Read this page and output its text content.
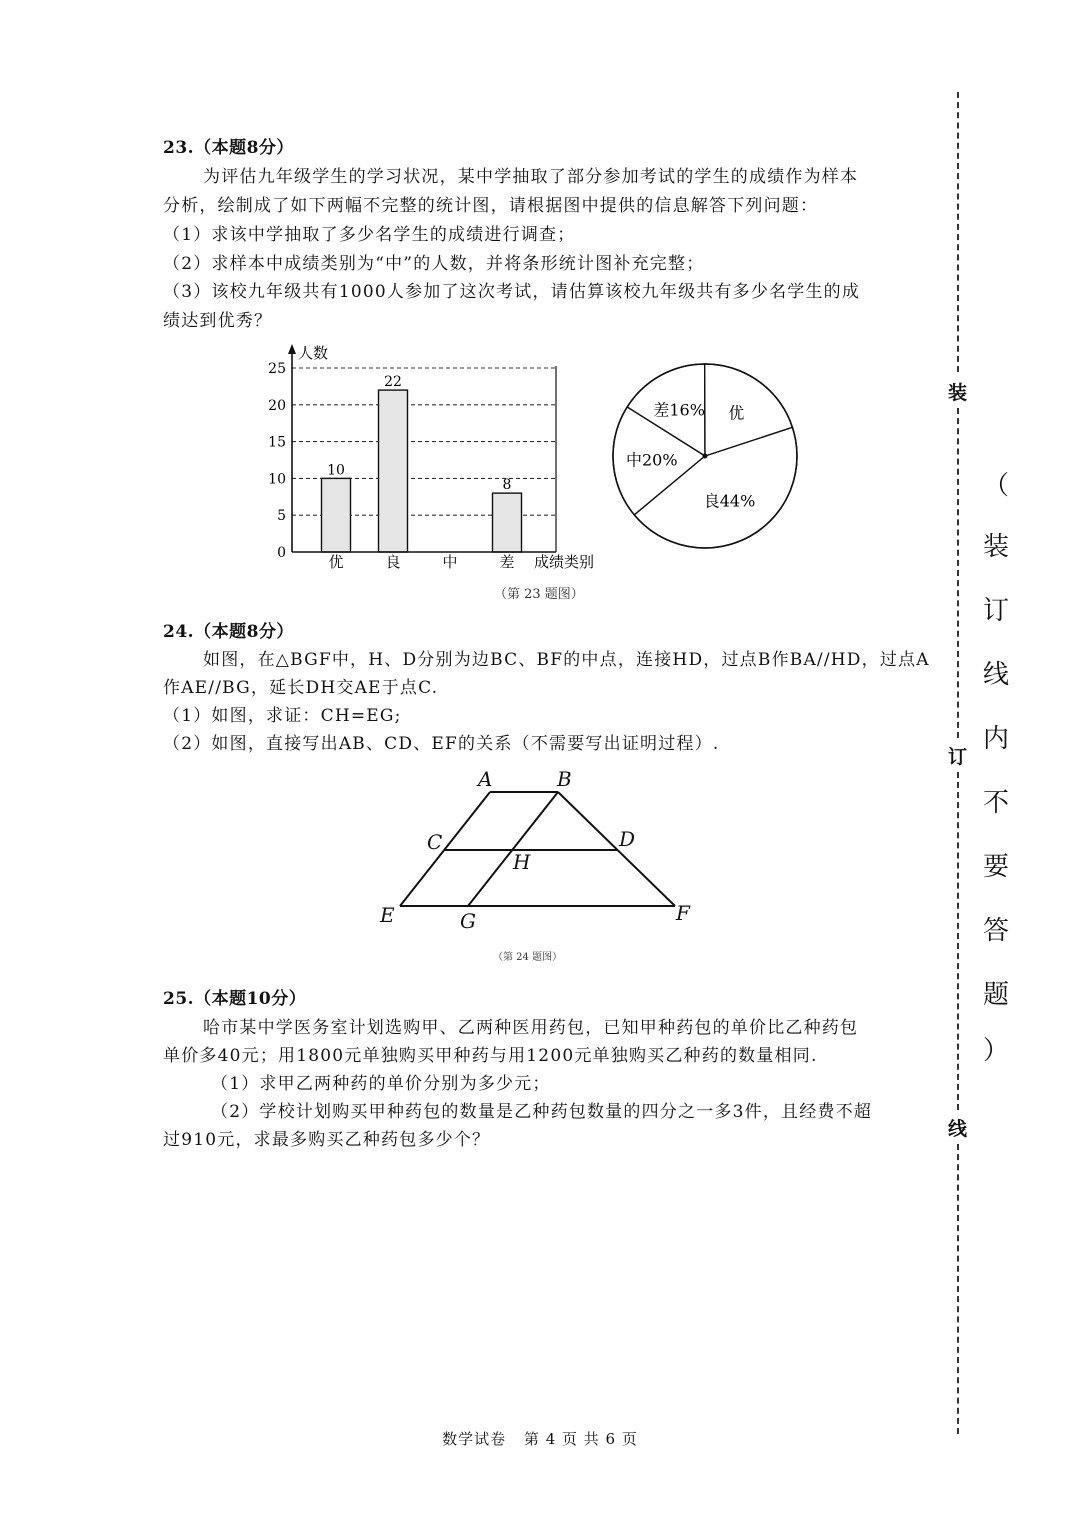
23.（本题8分）
为评估九年级学生的学习状况，某中学抽取了部分参加考试的学生的成绩作为样本
分析，绘制成了如下两幅不完整的统计图，请根据图中提供的信息解答下列问题：
（1）求该中学抽取了多少名学生的成绩进行调查；
（2）求样本中成绩类别为“中”的人数，并将条形统计图补充完整；
（3）该校九年级共有1000人参加了这次考试，请估算该校九年级共有多少名学生的成
绩达到优秀？
0
5
10
15
20
25
10
优
22
良	中
8
差
人数
成绩类别
差16%
中20%
良44%
优
（第 23 题图）
24.（本题8分）
如图，在△BGF中，H、D分别为边BC、BF的中点，连接HD，过点B作BA//HD，过点A
作AE//BG，延长DH交AE于点C.
（1）如图，求证：CH=EG;
（2）如图，直接写出AB、CD、EF的关系（不需要写出证明过程）.
A	B
C	D
H
E	G	F
（第 24 题图）
25.（本题10分）
哈市某中学医务室计划选购甲、乙两种医用药包，已知甲种药包的单价比乙种药包
单价多40元；用1800元单独购买甲种药与用1200元单独购买乙种药的数量相同.
（1）求甲乙两种药的单价分别为多少元；
（2）学校计划购买甲种药包的数量是乙种药包数量的四分之一多3件，且经费不超
过910元，求最多购买乙种药包多少个？
装
订
线
（
装
订
线
内
不
要
答
题
）
数学试卷 第 4 页 共 6 页
